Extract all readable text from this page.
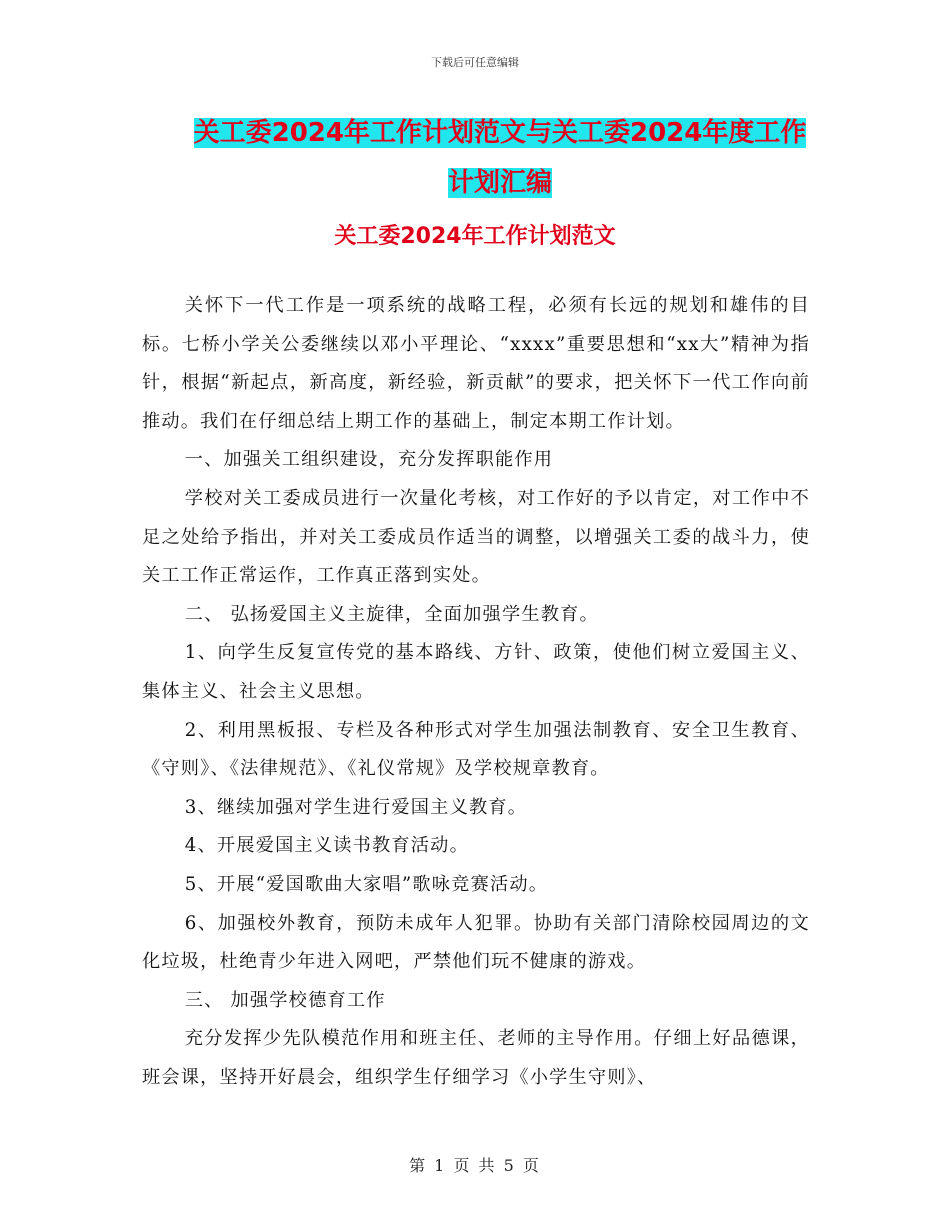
下载后可任意编辑
关工委2024年工作计划范文与关工委2024年度工作
计划汇编
关工委2024年工作计划范文

关怀下一代工作是一项系统的战略工程，必须有长远的规划和雄伟的目标。七桥小学关公委继续以邓小平理论、“xxxx”重要思想和“xx大”精神为指针，根据“新起点，新高度，新经验，新贡献”的要求，把关怀下一代工作向前推动。我们在仔细总结上期工作的基础上，制定本期工作计划。

一、加强关工组织建设，充分发挥职能作用

学校对关工委成员进行一次量化考核，对工作好的予以肯定，对工作中不足之处给予指出，并对关工委成员作适当的调整，以增强关工委的战斗力，使关工工作正常运作，工作真正落到实处。

二、 弘扬爱国主义主旋律，全面加强学生教育。

1、向学生反复宣传党的基本路线、方针、政策，使他们树立爱国主义、集体主义、社会主义思想。

2、利用黑板报、专栏及各种形式对学生加强法制教育、安全卫生教育、《守则》、《法律规范》、《礼仪常规》及学校规章教育。

3、继续加强对学生进行爱国主义教育。

4、开展爱国主义读书教育活动。

5、开展“爱国歌曲大家唱”歌咏竞赛活动。

6、加强校外教育，预防未成年人犯罪。协助有关部门清除校园周边的文化垃圾，杜绝青少年进入网吧，严禁他们玩不健康的游戏。

三、 加强学校德育工作

充分发挥少先队模范作用和班主任、老师的主导作用。仔细上好品德课，班会课，坚持开好晨会，组织学生仔细学习《小学生守则》、

第 1 页 共 5 页
